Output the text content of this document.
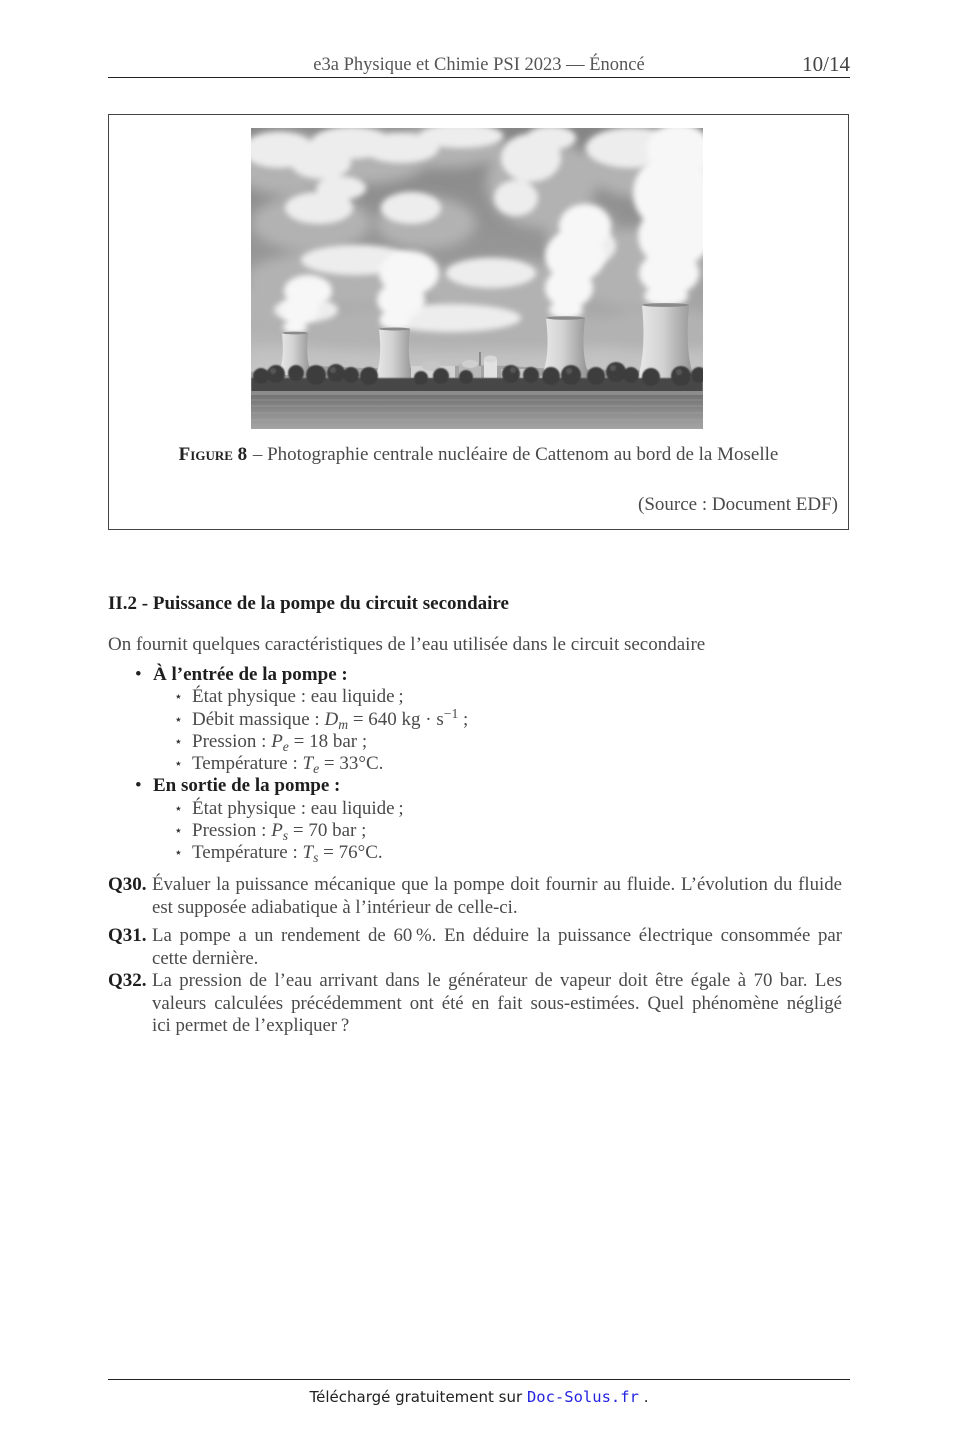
e3a Physique et Chimie PSI 2023 — Énoncé	10/14
Figure 8 – Photographie centrale nucléaire de Cattenom au bord de la Moselle
(Source : Document EDF)
II.2 - Puissance de la pompe du circuit secondaire
On fournit quelques caractéristiques de l’eau utilisée dans le circuit secondaire
• À l’entrée de la pompe :
⋆ État physique : eau liquide ;
⋆ Débit massique : $D_m = 640$ kg · $s^{-1}$ ;
⋆ Pression : $P_e = 18$ bar ;
⋆ Température : $T_e = 33^\circ C$.
• En sortie de la pompe :
⋆ État physique : eau liquide ;
⋆ Pression : $P_s = 70$ bar ;
⋆ Température : $T_s = 76^\circ C$.
Q30. Évaluer la puissance mécanique que la pompe doit fournir au fluide. L’évolution du fluide
est supposée adiabatique à l’intérieur de celle-ci.
Q31. La pompe a un rendement de 60 %. En déduire la puissance électrique consommée par
cette dernière.
Q32. La pression de l’eau arrivant dans le générateur de vapeur doit être égale à 70 bar. Les
valeurs calculées précédemment ont été en fait sous-estimées. Quel phénomène négligé
ici permet de l’expliquer ?
Téléchargé gratuitement sur Doc-Solus.fr .
